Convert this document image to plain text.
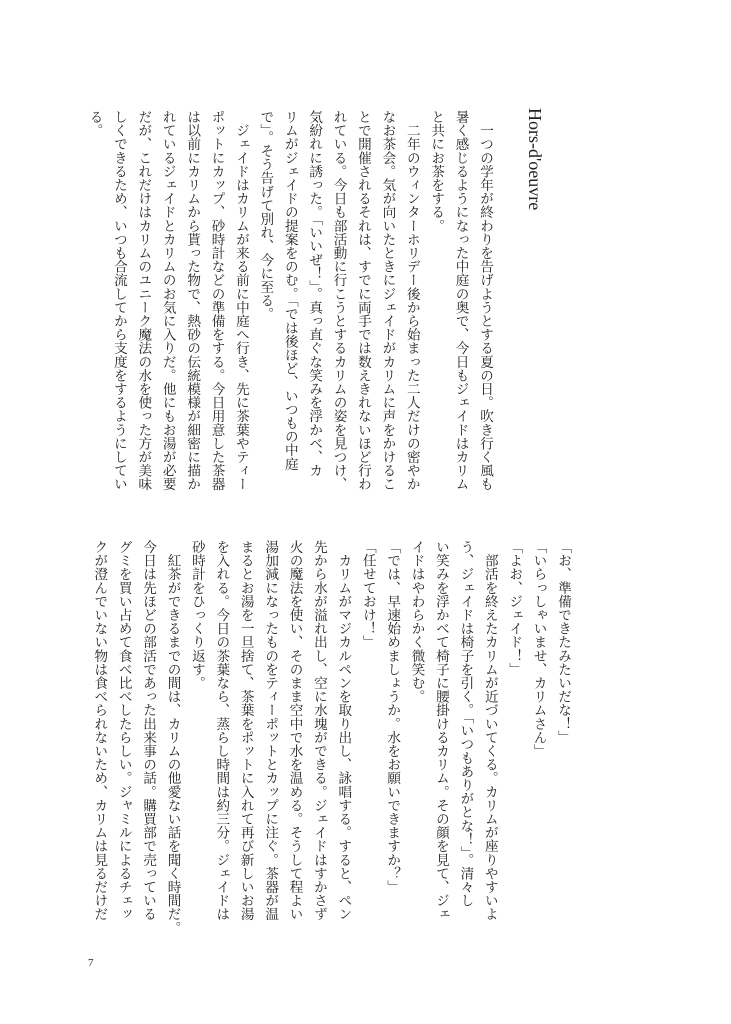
Hors-d'oeuvre
　一つの学年が終わりを告げようとする夏の日。吹き行く風も
暑く感じるようになった中庭の奥で、今日もジェイドはカリム
と共にお茶をする。
　二年のウィンターホリデー後から始まった二人だけの密やか
なお茶会。気が向いたときにジェイドがカリムに声をかけるこ
とで開催されるそれは、すでに両手では数えきれないほど行わ
れている。今日も部活動に行こうとするカリムの姿を見つけ、
気紛れに誘った。「いいぜ！」。真っ直ぐな笑みを浮かべ、カ
リムがジェイドの提案をのむ。「では後ほど、いつもの中庭
で」。そう告げて別れ、今に至る。
　ジェイドはカリムが来る前に中庭へ行き、先に茶葉やティー
ポットにカップ、砂時計などの準備をする。今日用意した茶器
は以前にカリムから貰った物で、熱砂の伝統模様が細密に描か
れているジェイドとカリムのお気に入りだ。他にもお湯が必要
だが、これだけはカリムのユニーク魔法の水を使った方が美味
しくできるため、いつも合流してから支度をするようにしてい
る。
「お、準備できたみたいだな！」
「いらっしゃいませ、カリムさん」
「よお、ジェイド！」
　部活を終えたカリムが近づいてくる。カリムが座りやすいよ
う、ジェイドは椅子を引く。「いつもありがとな！」。清々し
い笑みを浮かべて椅子に腰掛けるカリム。その顔を見て、ジェ
イドはやわらかく微笑む。
「では、早速始めましょうか。水をお願いできますか？」
「任せておけ！」
　カリムがマジカルペンを取り出し、詠唱する。すると、ペン
先から水が溢れ出し、空に水塊ができる。ジェイドはすかさず
火の魔法を使い、そのまま空中で水を温める。そうして程よい
湯加減になったものをティーポットとカップに注ぐ。茶器が温
まるとお湯を一旦捨て、茶葉をポットに入れて再び新しいお湯
を入れる。今日の茶葉なら、蒸らし時間は約三分。ジェイドは
砂時計をひっくり返す。
　紅茶ができるまでの間は、カリムの他愛ない話を聞く時間だ。
今日は先ほどの部活であった出来事の話。購買部で売っている
グミを買い占めて食べ比べしたらしい。ジャミルによるチェッ
クが澄んでいない物は食べられないため、カリムは見るだけだ
7
